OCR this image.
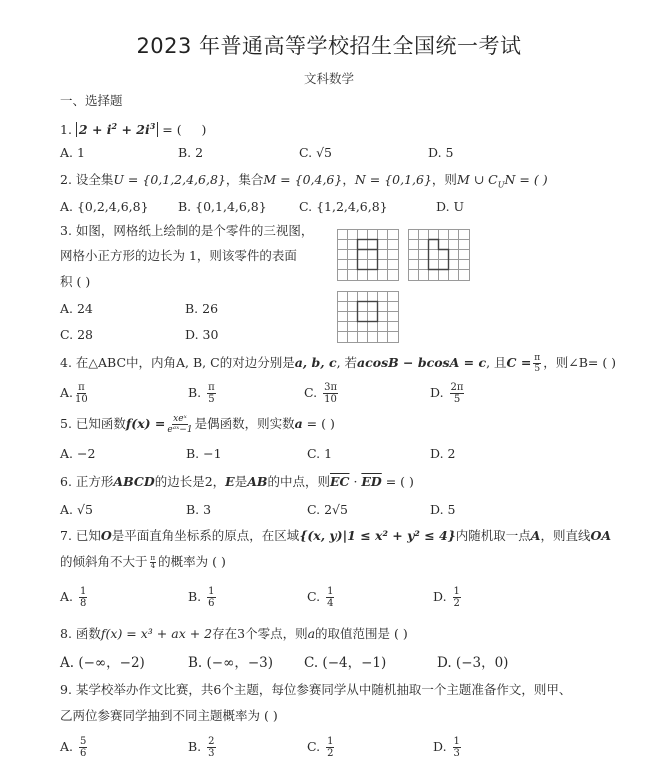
2023 年普通高等学校招生全国统一考试
文科数学
一、选择题
1. $2 + i^2 + 2i^3$ = (     )
A. 1	B. 2	C. √5	D. 5
2. 设全集U = {0,1,2,4,6,8}，集合M = {0,4,6}，N = {0,1,6}，则M ∪ $C_UN$ = ( )
A. {0,2,4,6,8} B. {0,1,4,6,8}	C. {1,2,4,6,8}	D. U
3. 如图，网格纸上绘制的是个零件的三视图，
网格小正方形的边长为 1，则该零件的表面
积 ( )
A. 24	B. 26
C. 28	D. 30
4. 在△ABC中，内角A, B, C的对边分别是a, b, c, 若acosB − bcosA = c, 且$C = \frac{\pi}{5}$ ，则∠B= ( )
A. $\frac{\pi}{10}$	B. $\frac{\pi}{5}$	C. $\frac{3\pi}{10}$	D. $\frac{2\pi}{5}$
5. 已知函数$f(x) = \frac{\text{xeˣ}}{\text{eᵃˣ−1}}$ 是偶函数，则实数a = ( )
A. −2	B. −1	C. 1	D. 2
6. 正方形ABCD的边长是2，E是AB的中点，则$\overline{EC} \cdot \overline{ED}$ = ( )
A. √5	B. 3	C. 2√5	D. 5
7. 已知O是平面直角坐标系的原点，在区域{(x, y)|1 ≤ x² + y² ≤ 4}内随机取一点A，则直线OA
的倾斜角不大于 $\frac{\pi}{4}$ 的概率为 ( )
A. $\frac{1}{8}$	B. $\frac{1}{6}$	C. $\frac{1}{4}$	D. $\frac{1}{2}$
8. 函数f(x) = x³ + ax + 2存在3个零点，则a的取值范围是 ( )
A. (−∞，−2)	B. (−∞，−3) C. (−4，−1)	D. (−3，0)
9. 某学校举办作文比赛，共6个主题，每位参赛同学从中随机抽取一个主题准备作文，则甲、
乙两位参赛同学抽到不同主题概率为 ( )
A. $\frac{5}{6}$	B. $\frac{2}{3}$	C. $\frac{1}{2}$	D. $\frac{1}{3}$
